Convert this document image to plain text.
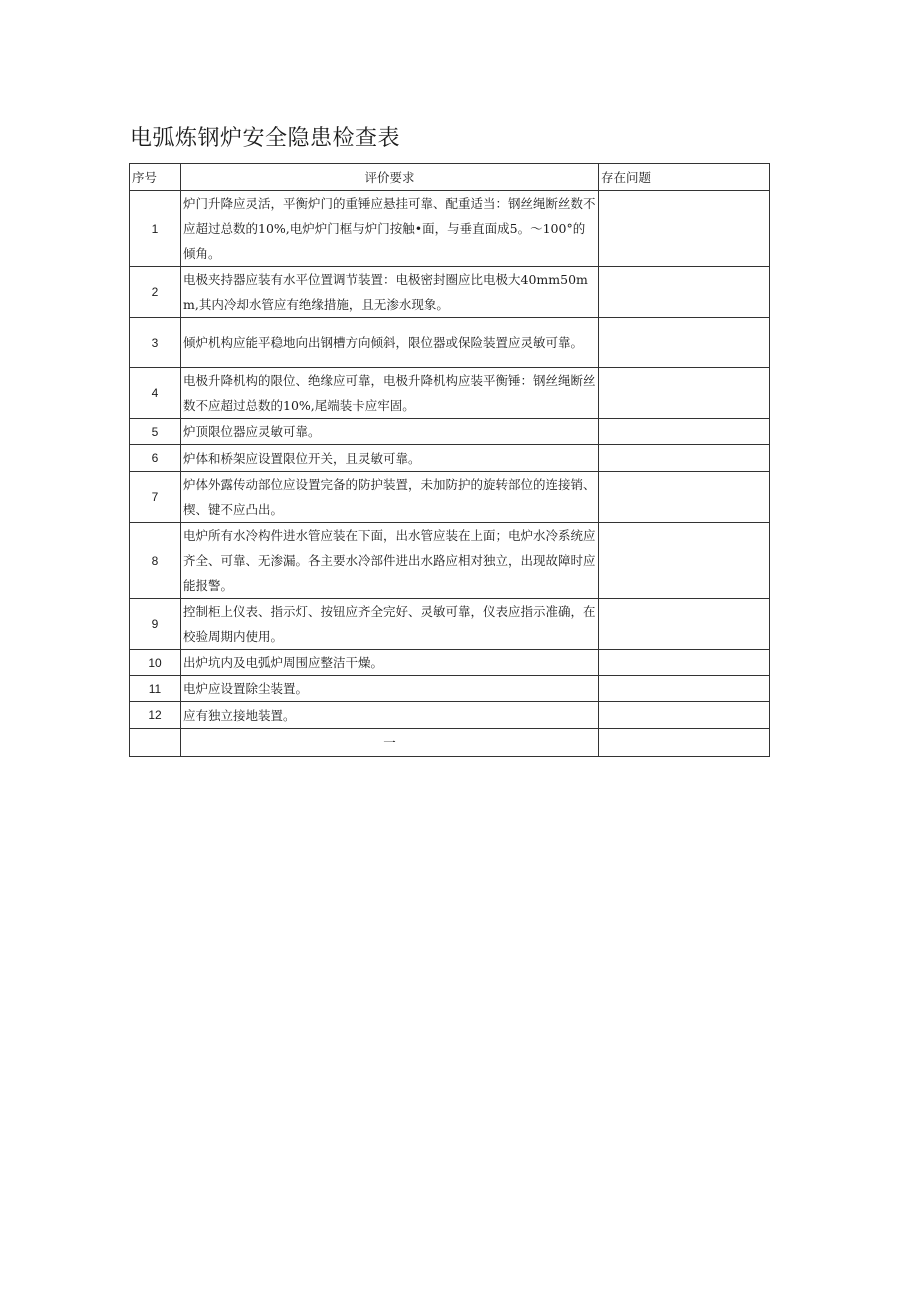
电弧炼钢炉安全隐患检查表
序号	评价要求	存在问题
1	炉门升降应灵活，平衡炉门的重锤应悬挂可靠、配重适当：钢丝绳断丝数不应超过总数的10%,电炉炉门框与炉门按触•面，与垂直面成5。～100°的倾角。	
2	电极夹持器应装有水平位置调节装置：电极密封圈应比电极大40mm50mm,其内冷却水管应有绝缘措施，且无渗水现象。	
3	倾炉机构应能平稳地向出钢槽方向倾斜，限位器或保险装置应灵敏可靠。	
4	电极升降机构的限位、绝缘应可靠，电极升降机构应装平衡锤：钢丝绳断丝数不应超过总数的10%,尾端装卡应牢固。	
5	炉顶限位器应灵敏可靠。	
6	炉体和桥架应设置限位开关，且灵敏可靠。	
7	炉体外露传动部位应设置完备的防护装置，未加防护的旋转部位的连接销、楔、键不应凸出。	
8	电炉所有水冷构件进水管应装在下面，出水管应装在上面；电炉水冷系统应齐全、可靠、无渗漏。各主要水冷部件进出水路应相对独立，出现故障时应能报警。	
9	控制柜上仪表、指示灯、按钮应齐全完好、灵敏可靠，仪表应指示准确，在校验周期内使用。	
10	出炉坑内及电弧炉周围应整洁干燥。	
11	电炉应设置除尘装置。	
12	应有独立接地装置。	
	一	
